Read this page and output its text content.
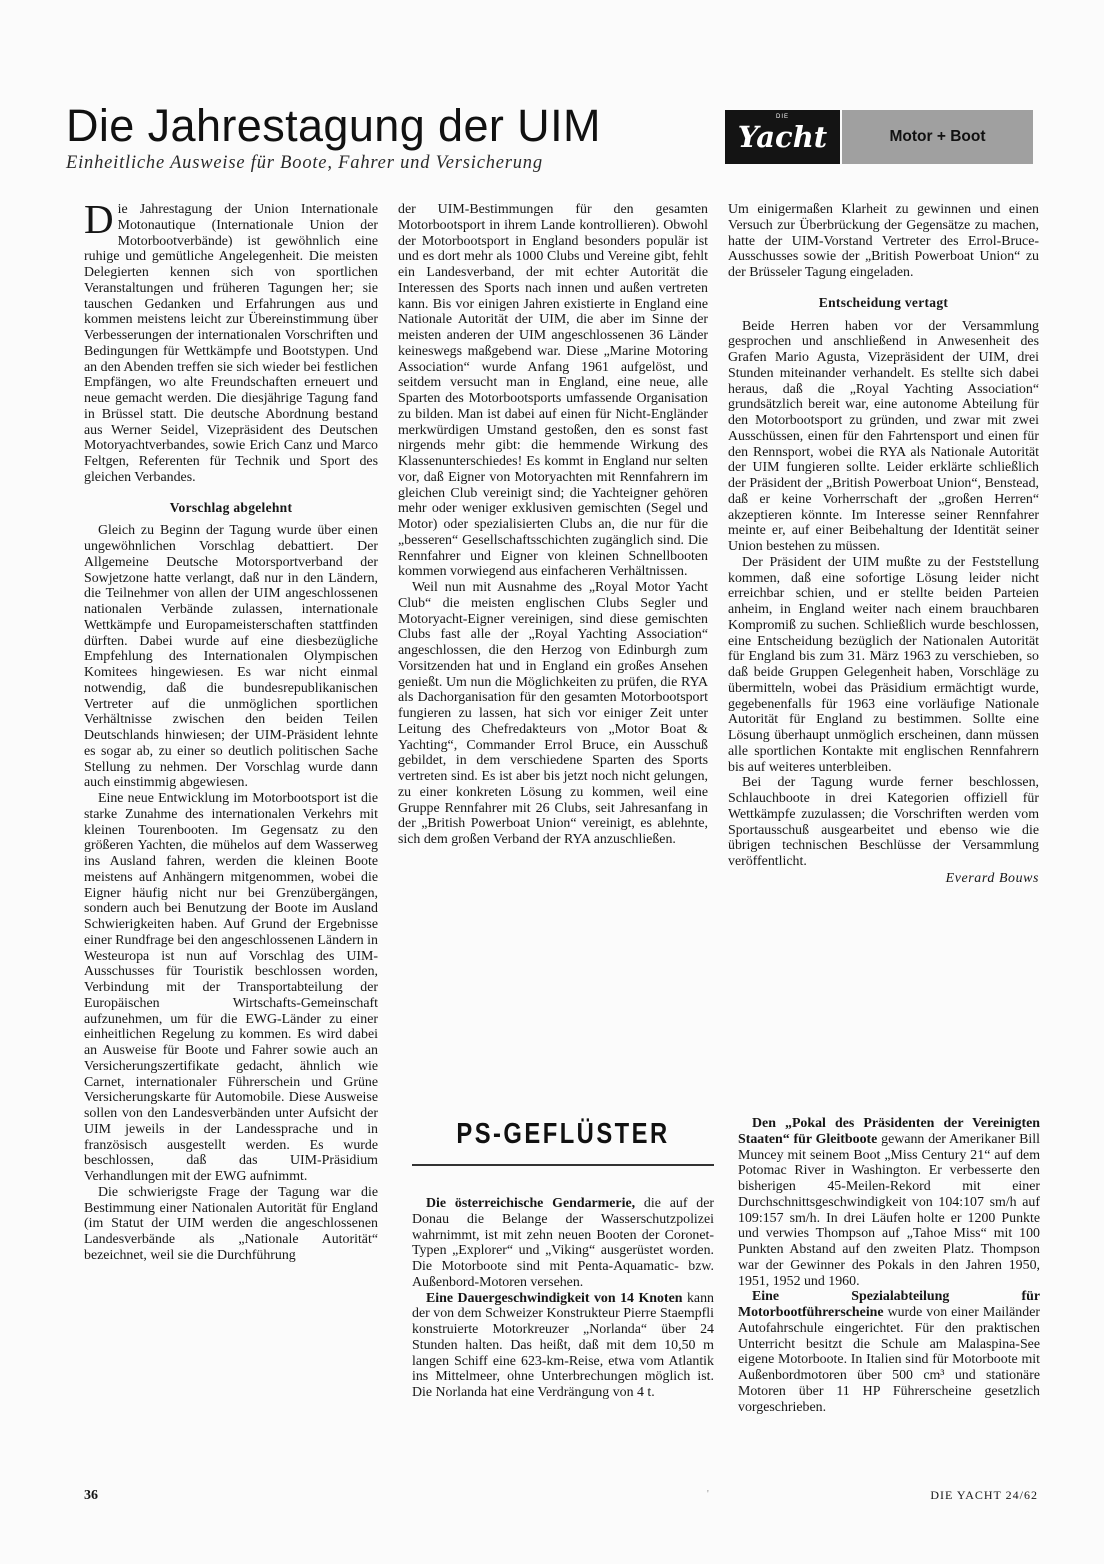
Die Jahrestagung der UIM

Einheitliche Ausweise für Boote, Fahrer und Versicherung

DIE
Yacht	Motor + Boot

Die Jahrestagung der Union Internationale Motonautique (Internationale Union der Motorbootverbände) ist gewöhnlich eine ruhige und gemütliche Angelegenheit. Die meisten Delegierten kennen sich von sportlichen Veranstaltungen und früheren Tagungen her; sie tauschen Gedanken und Erfahrungen aus und kommen meistens leicht zur Übereinstimmung über Verbesserungen der internationalen Vorschriften und Bedingungen für Wettkämpfe und Bootstypen. Und an den Abenden treffen sie sich wieder bei festlichen Empfängen, wo alte Freundschaften erneuert und neue gemacht werden. Die diesjährige Tagung fand in Brüssel statt. Die deutsche Abordnung bestand aus Werner Seidel, Vizepräsident des Deutschen Motoryachtverbandes, sowie Erich Canz und Marco Feltgen, Referenten für Technik und Sport des gleichen Verbandes.

Vorschlag abgelehnt

Gleich zu Beginn der Tagung wurde über einen ungewöhnlichen Vorschlag debattiert. Der Allgemeine Deutsche Motorsportverband der Sowjetzone hatte verlangt, daß nur in den Ländern, die Teilnehmer von allen der UIM angeschlossenen nationalen Verbände zulassen, internationale Wettkämpfe und Europameisterschaften stattfinden dürften. Dabei wurde auf eine diesbezügliche Empfehlung des Internationalen Olympischen Komitees hingewiesen. Es war nicht einmal notwendig, daß die bundesrepublikanischen Vertreter auf die unmöglichen sportlichen Verhältnisse zwischen den beiden Teilen Deutschlands hinwiesen; der UIM-Präsident lehnte es sogar ab, zu einer so deutlich politischen Sache Stellung zu nehmen. Der Vorschlag wurde dann auch einstimmig abgewiesen.

Eine neue Entwicklung im Motorbootsport ist die starke Zunahme des internationalen Verkehrs mit kleinen Tourenbooten. Im Gegensatz zu den größeren Yachten, die mühelos auf dem Wasserweg ins Ausland fahren, werden die kleinen Boote meistens auf Anhängern mitgenommen, wobei die Eigner häufig nicht nur bei Grenzübergängen, sondern auch bei Benutzung der Boote im Ausland Schwierigkeiten haben. Auf Grund der Ergebnisse einer Rundfrage bei den angeschlossenen Ländern in Westeuropa ist nun auf Vorschlag des UIM-Ausschusses für Touristik beschlossen worden, Verbindung mit der Transportabteilung der Europäischen Wirtschafts-Gemeinschaft aufzunehmen, um für die EWG-Länder zu einer einheitlichen Regelung zu kommen. Es wird dabei an Ausweise für Boote und Fahrer sowie auch an Versicherungszertifikate gedacht, ähnlich wie Carnet, internationaler Führerschein und Grüne Versicherungskarte für Automobile. Diese Ausweise sollen von den Landesverbänden unter Aufsicht der UIM jeweils in der Landessprache und in französisch ausgestellt werden. Es wurde beschlossen, daß das UIM-Präsidium Verhandlungen mit der EWG aufnimmt.

Die schwierigste Frage der Tagung war die Bestimmung einer Nationalen Autorität für England (im Statut der UIM werden die angeschlossenen Landesverbände als „Nationale Autorität“ bezeichnet, weil sie die Durchführung

der UIM-Bestimmungen für den gesamten Motorbootsport in ihrem Lande kontrollieren). Obwohl der Motorbootsport in England besonders populär ist und es dort mehr als 1000 Clubs und Vereine gibt, fehlt ein Landesverband, der mit echter Autorität die Interessen des Sports nach innen und außen vertreten kann. Bis vor einigen Jahren existierte in England eine Nationale Autorität der UIM, die aber im Sinne der meisten anderen der UIM angeschlossenen 36 Länder keineswegs maßgebend war. Diese „Marine Motoring Association“ wurde Anfang 1961 aufgelöst, und seitdem versucht man in England, eine neue, alle Sparten des Motorbootsports umfassende Organisation zu bilden. Man ist dabei auf einen für Nicht-Engländer merkwürdigen Umstand gestoßen, den es sonst fast nirgends mehr gibt: die hemmende Wirkung des Klassenunterschiedes! Es kommt in England nur selten vor, daß Eigner von Motoryachten mit Rennfahrern im gleichen Club vereinigt sind; die Yachteigner gehören mehr oder weniger exklusiven gemischten (Segel und Motor) oder spezialisierten Clubs an, die nur für die „besseren“ Gesellschaftsschichten zugänglich sind. Die Rennfahrer und Eigner von kleinen Schnellbooten kommen vorwiegend aus einfacheren Verhältnissen.

Weil nun mit Ausnahme des „Royal Motor Yacht Club“ die meisten englischen Clubs Segler und Motoryacht-Eigner vereinigen, sind diese gemischten Clubs fast alle der „Royal Yachting Association“ angeschlossen, die den Herzog von Edinburgh zum Vorsitzenden hat und in England ein großes Ansehen genießt. Um nun die Möglichkeiten zu prüfen, die RYA als Dachorganisation für den gesamten Motorbootsport fungieren zu lassen, hat sich vor einiger Zeit unter Leitung des Chefredakteurs von „Motor Boat & Yachting“, Commander Errol Bruce, ein Ausschuß gebildet, in dem verschiedene Sparten des Sports vertreten sind. Es ist aber bis jetzt noch nicht gelungen, zu einer konkreten Lösung zu kommen, weil eine Gruppe Rennfahrer mit 26 Clubs, seit Jahresanfang in der „British Powerboat Union“ vereinigt, es ablehnte, sich dem großen Verband der RYA anzuschließen.

Um einigermaßen Klarheit zu gewinnen und einen Versuch zur Überbrückung der Gegensätze zu machen, hatte der UIM-Vorstand Vertreter des Errol-Bruce-Ausschusses sowie der „British Powerboat Union“ zu der Brüsseler Tagung eingeladen.

Entscheidung vertagt

Beide Herren haben vor der Versammlung gesprochen und anschließend in Anwesenheit des Grafen Mario Agusta, Vizepräsident der UIM, drei Stunden miteinander verhandelt. Es stellte sich dabei heraus, daß die „Royal Yachting Association“ grundsätzlich bereit war, eine autonome Abteilung für den Motorbootsport zu gründen, und zwar mit zwei Ausschüssen, einen für den Fahrtensport und einen für den Rennsport, wobei die RYA als Nationale Autorität der UIM fungieren sollte. Leider erklärte schließlich der Präsident der „British Powerboat Union“, Benstead, daß er keine Vorherrschaft der „großen Herren“ akzeptieren könnte. Im Interesse seiner Rennfahrer meinte er, auf einer Beibehaltung der Identität seiner Union bestehen zu müssen.

Der Präsident der UIM mußte zu der Feststellung kommen, daß eine sofortige Lösung leider nicht erreichbar schien, und er stellte beiden Parteien anheim, in England weiter nach einem brauchbaren Kompromiß zu suchen. Schließlich wurde beschlossen, eine Entscheidung bezüglich der Nationalen Autorität für England bis zum 31. März 1963 zu verschieben, so daß beide Gruppen Gelegenheit haben, Vorschläge zu übermitteln, wobei das Präsidium ermächtigt wurde, gegebenenfalls für 1963 eine vorläufige Nationale Autorität für England zu bestimmen. Sollte eine Lösung überhaupt unmöglich erscheinen, dann müssen alle sportlichen Kontakte mit englischen Rennfahrern bis auf weiteres unterbleiben.

Bei der Tagung wurde ferner beschlossen, Schlauchboote in drei Kategorien offiziell für Wettkämpfe zuzulassen; die Vorschriften werden vom Sportausschuß ausgearbeitet und ebenso wie die übrigen technischen Beschlüsse der Versammlung veröffentlicht.

Everard Bouws
PS-GEFLÜSTER

Die österreichische Gendarmerie, die auf der Donau die Belange der Wasserschutzpolizei wahrnimmt, ist mit zehn neuen Booten der Coronet-Typen „Explorer“ und „Viking“ ausgerüstet worden. Die Motorboote sind mit Penta-Aquamatic- bzw. Außenbord-Motoren versehen.

Eine Dauergeschwindigkeit von 14 Knoten kann der von dem Schweizer Konstrukteur Pierre Staempfli konstruierte Motorkreuzer „Norlanda“ über 24 Stunden halten. Das heißt, daß mit dem 10,50 m langen Schiff eine 623-km-Reise, etwa vom Atlantik ins Mittelmeer, ohne Unterbrechungen möglich ist. Die Norlanda hat eine Verdrängung von 4 t.

Den „Pokal des Präsidenten der Vereinigten Staaten“ für Gleitboote gewann der Amerikaner Bill Muncey mit seinem Boot „Miss Century 21“ auf dem Potomac River in Washington. Er verbesserte den bisherigen 45-Meilen-Rekord mit einer Durchschnittsgeschwindigkeit von 104:107 sm/h auf 109:157 sm/h. In drei Läufen holte er 1200 Punkte und verwies Thompson auf „Tahoe Miss“ mit 100 Punkten Abstand auf den zweiten Platz. Thompson war der Gewinner des Pokals in den Jahren 1950, 1951, 1952 und 1960.

Eine Spezialabteilung für Motorbootführerscheine wurde von einer Mailänder Autofahrschule eingerichtet. Für den praktischen Unterricht besitzt die Schule am Malaspina-See eigene Motorboote. In Italien sind für Motorboote mit Außenbordmotoren über 500 cm³ und stationäre Motoren über 11 HP Führerscheine gesetzlich vorgeschrieben.

36	'	DIE YACHT 24/62
